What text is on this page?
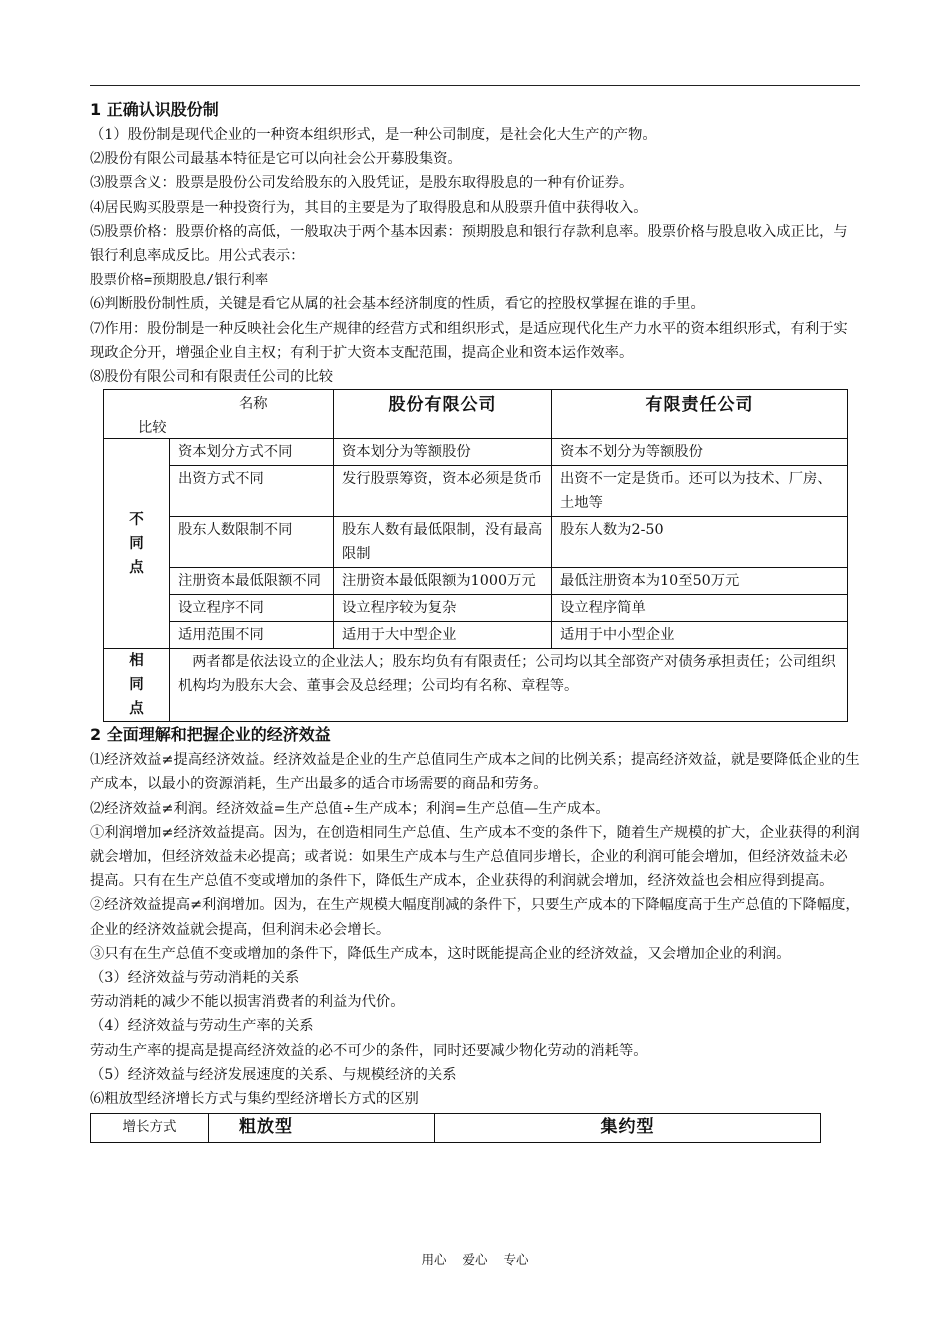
1 正确认识股份制

（1）股份制是现代企业的一种资本组织形式，是一种公司制度，是社会化大生产的产物。

⑵股份有限公司最基本特征是它可以向社会公开募股集资。

⑶股票含义：股票是股份公司发给股东的入股凭证，是股东取得股息的一种有价证券。

⑷居民购买股票是一种投资行为，其目的主要是为了取得股息和从股票升值中获得收入。

⑸股票价格：股票价格的高低，一般取决于两个基本因素：预期股息和银行存款利息率。股票价格与股息收入成正比，与银行利息率成反比。用公式表示：

股票价格=预期股息/银行利率

⑹判断股份制性质，关键是看它从属的社会基本经济制度的性质，看它的控股权掌握在谁的手里。

⑺作用：股份制是一种反映社会化生产规律的经营方式和组织形式，是适应现代化生产力水平的资本组织形式，有利于实现政企分开，增强企业自主权；有利于扩大资本支配范围，提高企业和资本运作效率。

⑻股份有限公司和有限责任公司的比较

名称
比较		股份有限公司	有限责任公司
不
同
点	资本划分方式不同	资本划分为等额股份	资本不划分为等额股份
	出资方式不同	发行股票筹资，资本必须是货币	出资不一定是货币。还可以为技术、厂房、土地等
	股东人数限制不同	股东人数有最低限制，没有最高限制	股东人数为2-50
	注册资本最低限额不同	注册资本最低限额为1000万元	最低注册资本为10至50万元
	设立程序不同	设立程序较为复杂	设立程序简单
	适用范围不同	适用于大中型企业	适用于中小型企业
相
同
点	两者都是依法设立的企业法人；股东均负有有限责任；公司均以其全部资产对债务承担责任；公司组织机构均为股东大会、董事会及总经理；公司均有名称、章程等。		
2 全面理解和把握企业的经济效益

⑴经济效益≠提高经济效益。经济效益是企业的生产总值同生产成本之间的比例关系；提高经济效益，就是要降低企业的生产成本，以最小的资源消耗，生产出最多的适合市场需要的商品和劳务。

⑵经济效益≠利润。经济效益=生产总值÷生产成本；利润=生产总值—生产成本。

①利润增加≠经济效益提高。因为，在创造相同生产总值、生产成本不变的条件下，随着生产规模的扩大，企业获得的利润就会增加，但经济效益未必提高；或者说：如果生产成本与生产总值同步增长，企业的利润可能会增加，但经济效益未必提高。只有在生产总值不变或增加的条件下，降低生产成本，企业获得的利润就会增加，经济效益也会相应得到提高。

②经济效益提高≠利润增加。因为，在生产规模大幅度削减的条件下，只要生产成本的下降幅度高于生产总值的下降幅度，企业的经济效益就会提高，但利润未必会增长。

③只有在生产总值不变或增加的条件下，降低生产成本，这时既能提高企业的经济效益，又会增加企业的利润。

（3）经济效益与劳动消耗的关系

劳动消耗的减少不能以损害消费者的利益为代价。

（4）经济效益与劳动生产率的关系

劳动生产率的提高是提高经济效益的必不可少的条件，同时还要减少物化劳动的消耗等。

（5）经济效益与经济发展速度的关系、与规模经济的关系

⑹粗放型经济增长方式与集约型经济增长方式的区别

增长方式	粗放型	集约型
用心 爱心 专心
